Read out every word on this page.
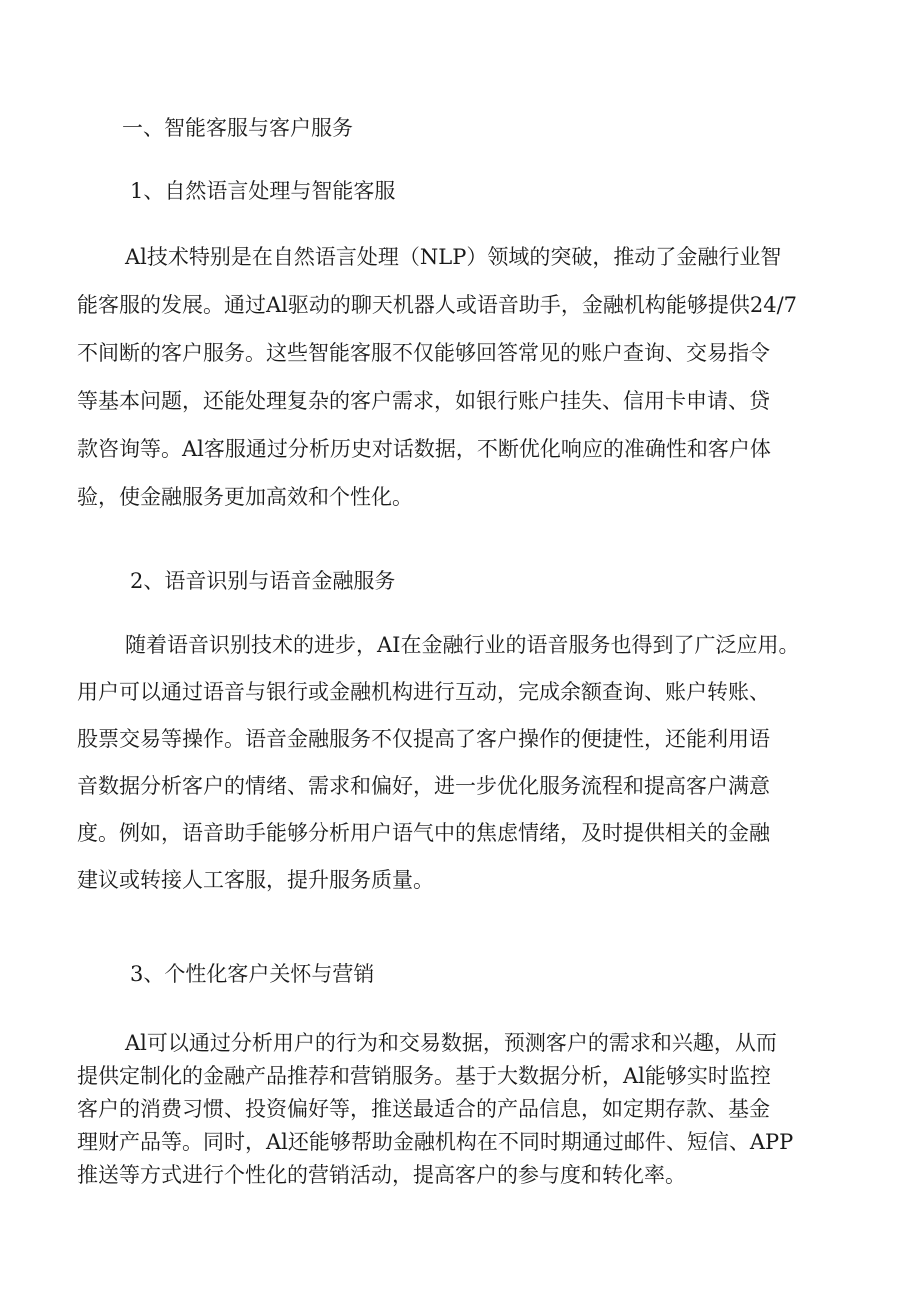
一、智能客服与客户服务
1、自然语言处理与智能客服
Al技术特别是在自然语言处理（NLP）领域的突破，推动了金融行业智
能客服的发展。通过Al驱动的聊天机器人或语音助手，金融机构能够提供24/7
不间断的客户服务。这些智能客服不仅能够回答常见的账户查询、交易指令
等基本问题，还能处理复杂的客户需求，如银行账户挂失、信用卡申请、贷
款咨询等。Al客服通过分析历史对话数据，不断优化响应的准确性和客户体
验，使金融服务更加高效和个性化。
2、语音识别与语音金融服务
随着语音识别技术的进步，AI在金融行业的语音服务也得到了广泛应用。
用户可以通过语音与银行或金融机构进行互动，完成余额查询、账户转账、
股票交易等操作。语音金融服务不仅提高了客户操作的便捷性，还能利用语
音数据分析客户的情绪、需求和偏好，进一步优化服务流程和提高客户满意
度。例如，语音助手能够分析用户语气中的焦虑情绪，及时提供相关的金融
建议或转接人工客服，提升服务质量。
3、个性化客户关怀与营销
Al可以通过分析用户的行为和交易数据，预测客户的需求和兴趣，从而
提供定制化的金融产品推荐和营销服务。基于大数据分析，Al能够实时监控
客户的消费习惯、投资偏好等，推送最适合的产品信息，如定期存款、基金
理财产品等。同时，Al还能够帮助金融机构在不同时期通过邮件、短信、APP
推送等方式进行个性化的营销活动，提高客户的参与度和转化率。
